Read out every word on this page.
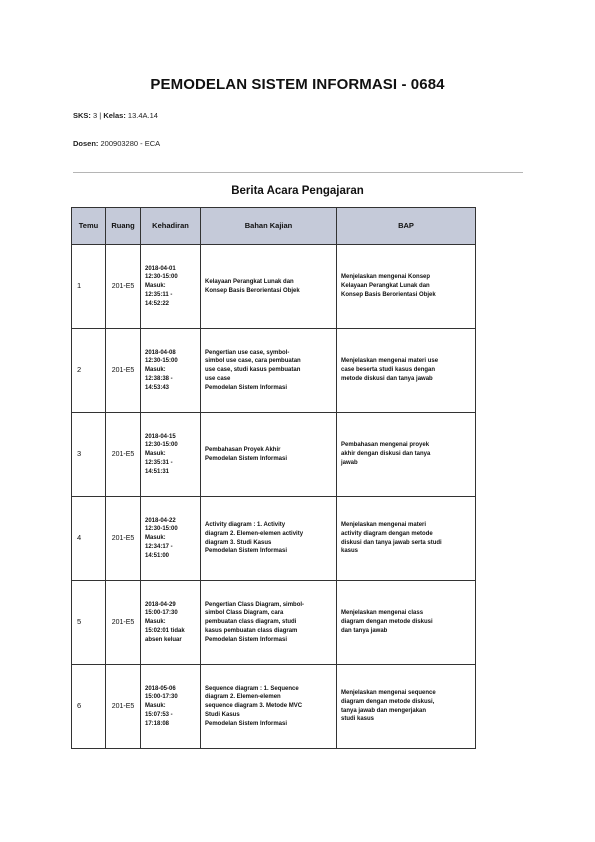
PEMODELAN SISTEM INFORMASI - 0684
SKS: 3 | Kelas: 13.4A.14
Dosen: 200903280 - ECA
Berita Acara Pengajaran
Temu	Ruang	Kehadiran	Bahan Kajian	BAP
1	201-E5	2018-04-01
12:30-15:00
Masuk:
12:35:11 -
14:52:22	Kelayaan Perangkat Lunak dan
Konsep Basis Berorientasi Objek	Menjelaskan mengenai Konsep
Kelayaan Perangkat Lunak dan
Konsep Basis Berorientasi Objek

2	201-E5	2018-04-08
12:30-15:00
Masuk:
12:38:38 -
14:53:43	Pengertian use case, symbol-
simbol use case, cara pembuatan
use case, studi kasus pembuatan
use case
Pemodelan Sistem Informasi	Menjelaskan mengenai materi use
case beserta studi kasus dengan
metode diskusi dan tanya jawab

3	201-E5	2018-04-15
12:30-15:00
Masuk:
12:35:31 -
14:51:31	Pembahasan Proyek Akhir
Pemodelan Sistem Informasi	Pembahasan mengenai proyek
akhir dengan diskusi dan tanya
jawab

4	201-E5	2018-04-22
12:30-15:00
Masuk:
12:34:17 -
14:51:00	Activity diagram : 1. Activity
diagram 2. Elemen-elemen activity
diagram 3. Studi Kasus
Pemodelan Sistem Informasi	Menjelaskan mengenai materi
activity diagram dengan metode
diskusi dan tanya jawab serta studi
kasus

5	201-E5	2018-04-29
15:00-17:30
Masuk:
15:02:01 tidak
absen keluar	Pengertian Class Diagram, simbol-
simbol Class Diagram, cara
pembuatan class diagram, studi
kasus pembuatan class diagram
Pemodelan Sistem Informasi	Menjelaskan mengenai class
diagram dengan metode diskusi
dan tanya jawab

6	201-E5	2018-05-06
15:00-17:30
Masuk:
15:07:53 -
17:18:08	Sequence diagram : 1. Sequence
diagram 2. Elemen-elemen
sequence diagram 3. Metode MVC
Studi Kasus
Pemodelan Sistem Informasi	Menjelaskan mengenai sequence
diagram dengan metode diskusi,
tanya jawab dan mengerjakan
studi kasus
